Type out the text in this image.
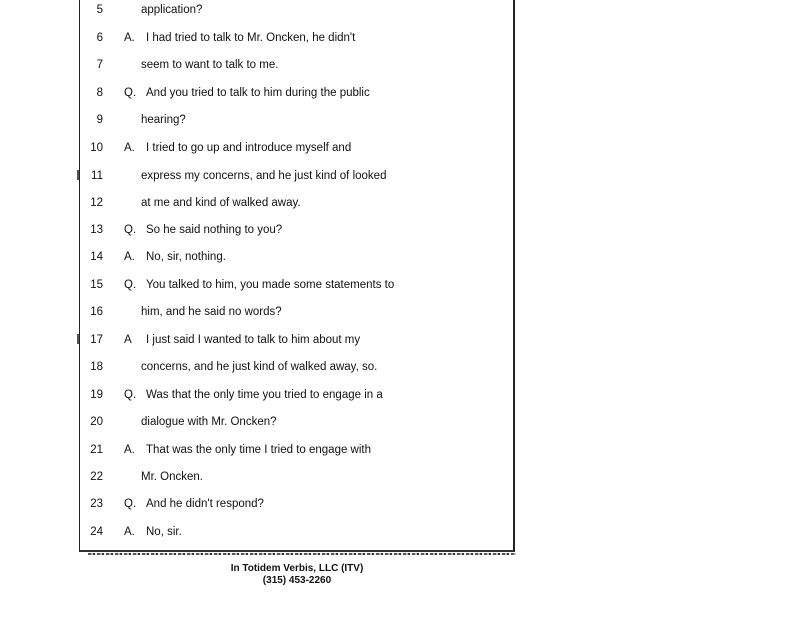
5	application?
6 A. I had tried to talk to Mr. Oncken, he didn't
7	seem to want to talk to me.
8 Q. And you tried to talk to him during the public
9	hearing?
10 A. I tried to go up and introduce myself and
11	express my concerns, and he just kind of looked
12	at me and kind of walked away.
13 Q. So he said nothing to you?
14 A. No, sir, nothing.
15 Q. You talked to him, you made some statements to
16	him, and he said no words?
17 A I just said I wanted to talk to him about my
18	concerns, and he just kind of walked away, so.
19 Q. Was that the only time you tried to engage in a
20	dialogue with Mr. Oncken?
21 A. That was the only time I tried to engage with
22	Mr. Oncken.
23 Q. And he didn't respond?
24 A. No, sir.
In Totidem Verbis, LLC (ITV)
(315) 453-2260
